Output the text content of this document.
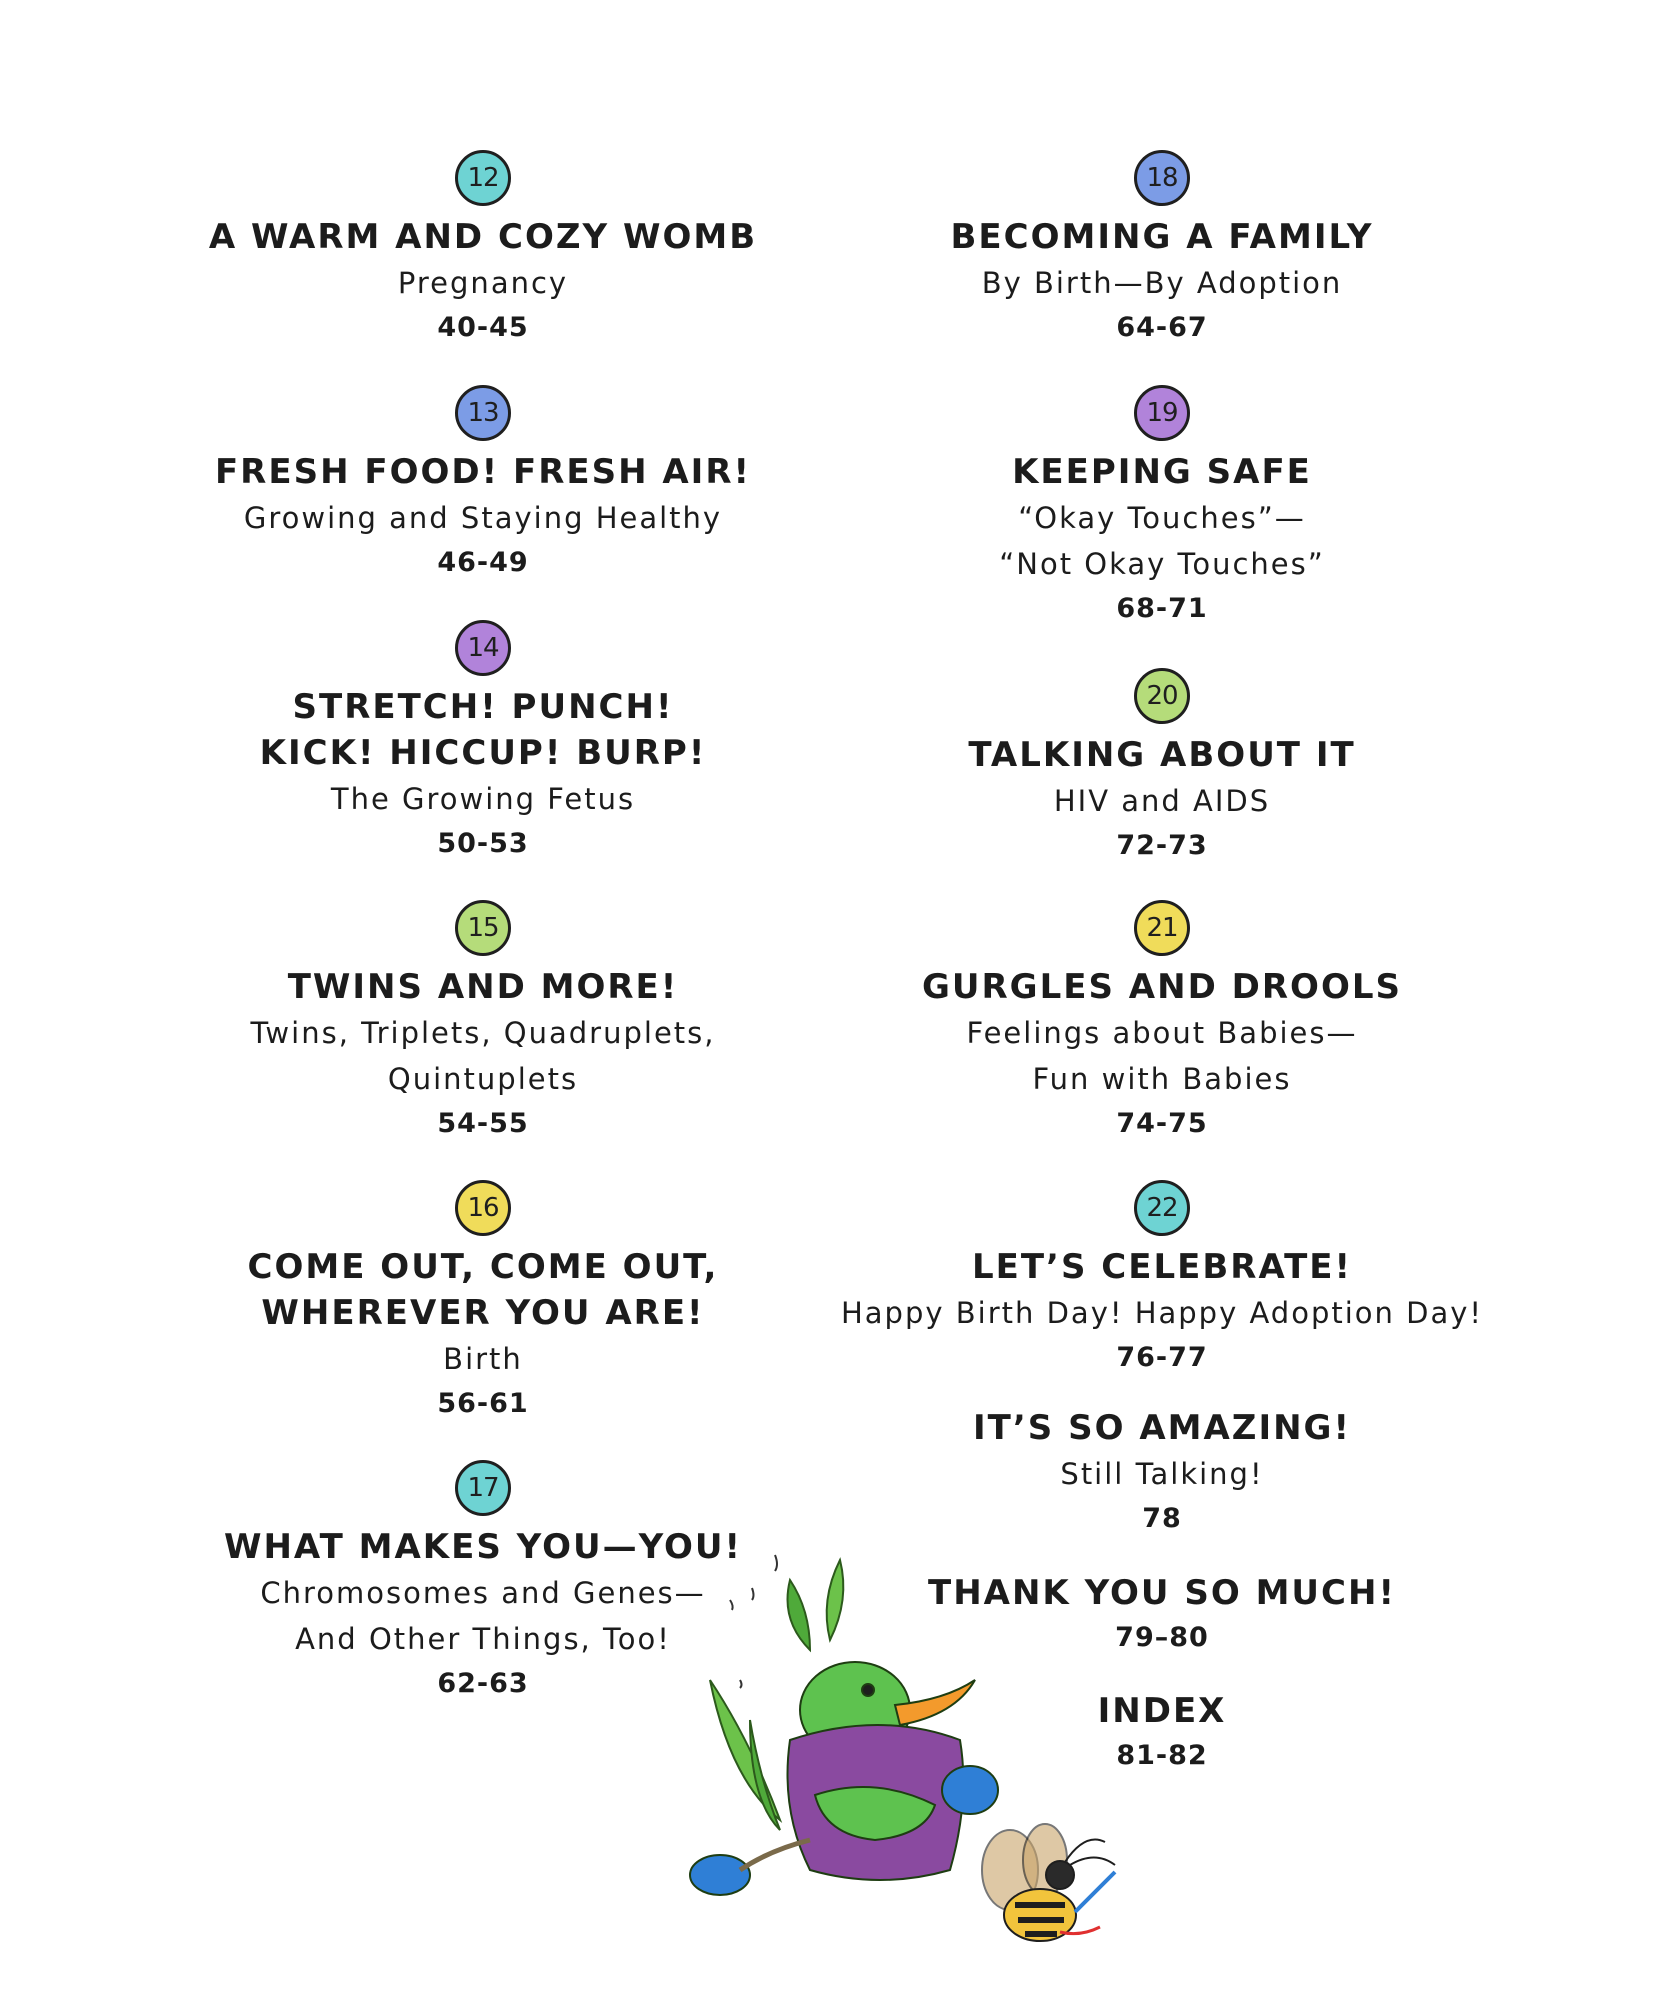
12
A WARM AND COZY WOMB
Pregnancy
40-45
13
FRESH FOOD! FRESH AIR!
Growing and Staying Healthy
46-49
14
STRETCH! PUNCH!
KICK! HICCUP! BURP!
The Growing Fetus
50-53
15
TWINS AND MORE!
Twins, Triplets, Quadruplets,
Quintuplets
54-55
16
COME OUT, COME OUT,
WHEREVER YOU ARE!
Birth
56-61
17
WHAT MAKES YOU—YOU!
Chromosomes and Genes—
And Other Things, Too!
62-63
18
BECOMING A FAMILY
By Birth—By Adoption
64-67
19
KEEPING SAFE
“Okay Touches”—
“Not Okay Touches”
68-71
20
TALKING ABOUT IT
HIV and AIDS
72-73
21
GURGLES AND DROOLS
Feelings about Babies—
Fun with Babies
74-75
22
LET’S CELEBRATE!
Happy Birth Day! Happy Adoption Day!
76-77
IT’S SO AMAZING!
Still Talking!
78
THANK YOU SO MUCH!
79–80
INDEX
81-82
